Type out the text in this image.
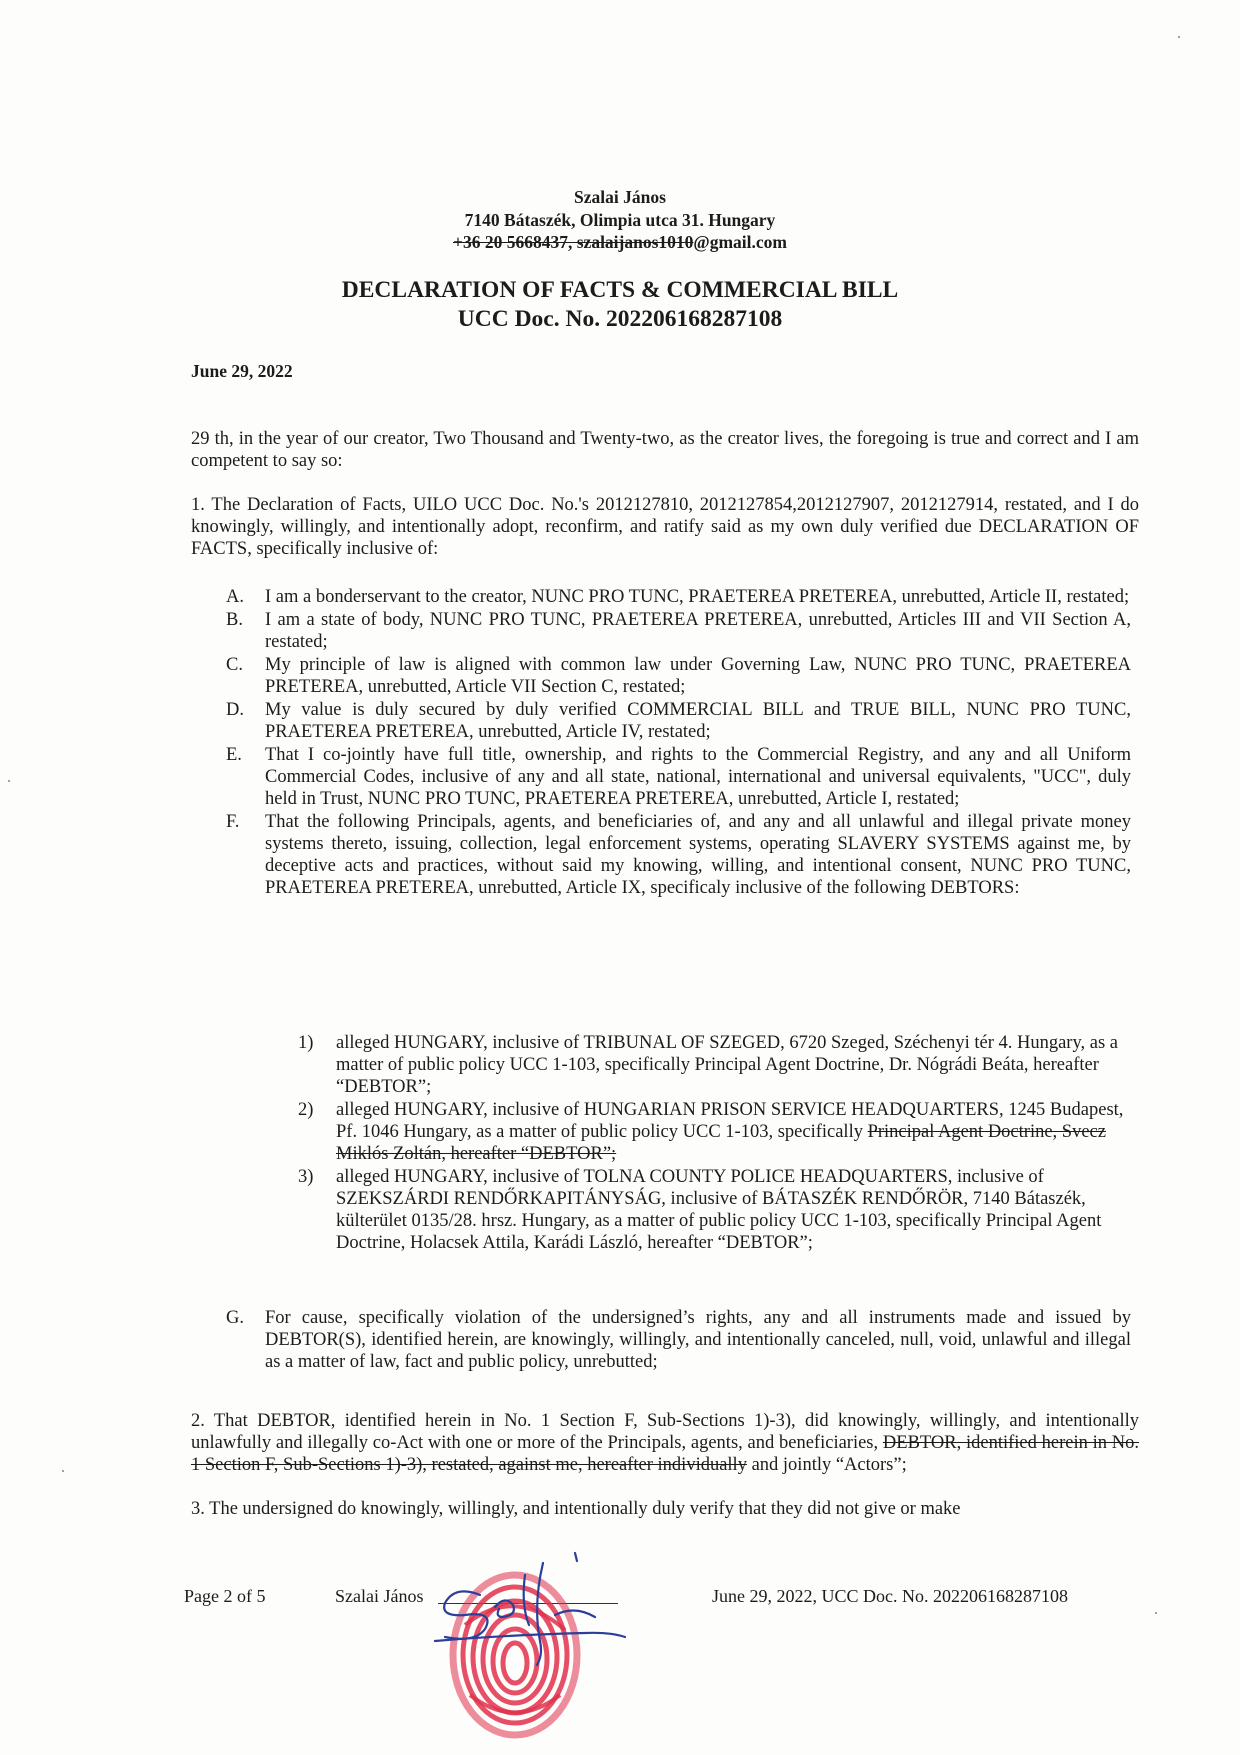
Szalai János
7140 Bátaszék, Olimpia utca 31. Hungary
+36 20 5668437, szalaijanos1010@gmail.com
DECLARATION OF FACTS & COMMERCIAL BILL
UCC Doc. No. 202206168287108
June 29, 2022

29 th, in the year of our creator, Two Thousand and Twenty-two, as the creator lives, the foregoing is true and correct and I am competent to say so:

1. The Declaration of Facts, UILO UCC Doc. No.'s 2012127810, 2012127854,2012127907, 2012127914, restated, and I do knowingly, willingly, and intentionally adopt, reconfirm, and ratify said as my own duly verified due DECLARATION OF FACTS, specifically inclusive of:

A. I am a bonderservant to the creator, NUNC PRO TUNC, PRAETEREA PRETEREA, unrebutted, Article II, restated;
B. I am a state of body, NUNC PRO TUNC, PRAETEREA PRETEREA, unrebutted, Articles III and VII Section A, restated;
C. My principle of law is aligned with common law under Governing Law, NUNC PRO TUNC, PRAETEREA PRETEREA, unrebutted, Article VII Section C, restated;
D. My value is duly secured by duly verified COMMERCIAL BILL and TRUE BILL, NUNC PRO TUNC, PRAETEREA PRETEREA, unrebutted, Article IV, restated;
E. That I co-jointly have full title, ownership, and rights to the Commercial Registry, and any and all Uniform Commercial Codes, inclusive of any and all state, national, international and universal equivalents, "UCC", duly held in Trust, NUNC PRO TUNC, PRAETEREA PRETEREA, unrebutted, Article I, restated;
F. That the following Principals, agents, and beneficiaries of, and any and all unlawful and illegal private money systems thereto, issuing, collection, legal enforcement systems, operating SLAVERY SYSTEMS against me, by deceptive acts and practices, without said my knowing, willing, and intentional consent, NUNC PRO TUNC, PRAETEREA PRETEREA, unrebutted, Article IX, specificaly inclusive of the following DEBTORS:
1) alleged HUNGARY, inclusive of TRIBUNAL OF SZEGED, 6720 Szeged, Széchenyi tér 4. Hungary, as a matter of public policy UCC 1-103, specifically Principal Agent Doctrine, Dr. Nógrádi Beáta, hereafter “DEBTOR”;
2) alleged HUNGARY, inclusive of HUNGARIAN PRISON SERVICE HEADQUARTERS, 1245 Budapest, Pf. 1046 Hungary, as a matter of public policy UCC 1-103, specifically Principal Agent Doctrine, Svecz Miklós Zoltán, hereafter “DEBTOR”;
3) alleged HUNGARY, inclusive of TOLNA COUNTY POLICE HEADQUARTERS, inclusive of SZEKSZÁRDI RENDŐRKAPITÁNYSÁG, inclusive of BÁTASZÉK RENDŐRÖR, 7140 Bátaszék, külterület 0135/28. hrsz. Hungary, as a matter of public policy UCC 1-103, specifically Principal Agent Doctrine, Holacsek Attila, Karádi László, hereafter “DEBTOR”;
G.	For cause, specifically violation of the undersigned’s rights, any and all instruments made and issued by DEBTOR(S), identified herein, are knowingly, willingly, and intentionally canceled, null, void, unlawful and illegal as a matter of law, fact and public policy, unrebutted;

2. That DEBTOR, identified herein in No. 1 Section F, Sub-Sections 1)-3), did knowingly, willingly, and intentionally unlawfully and illegally co-Act with one or more of the Principals, agents, and beneficiaries, DEBTOR, identified herein in No. 1 Section F, Sub-Sections 1)-3), restated, against me, hereafter individually and jointly “Actors”;

3. The undersigned do knowingly, willingly, and intentionally duly verify that they did not give or make

Page 2 of 5	Szalai János	June 29, 2022, UCC Doc. No. 202206168287108
